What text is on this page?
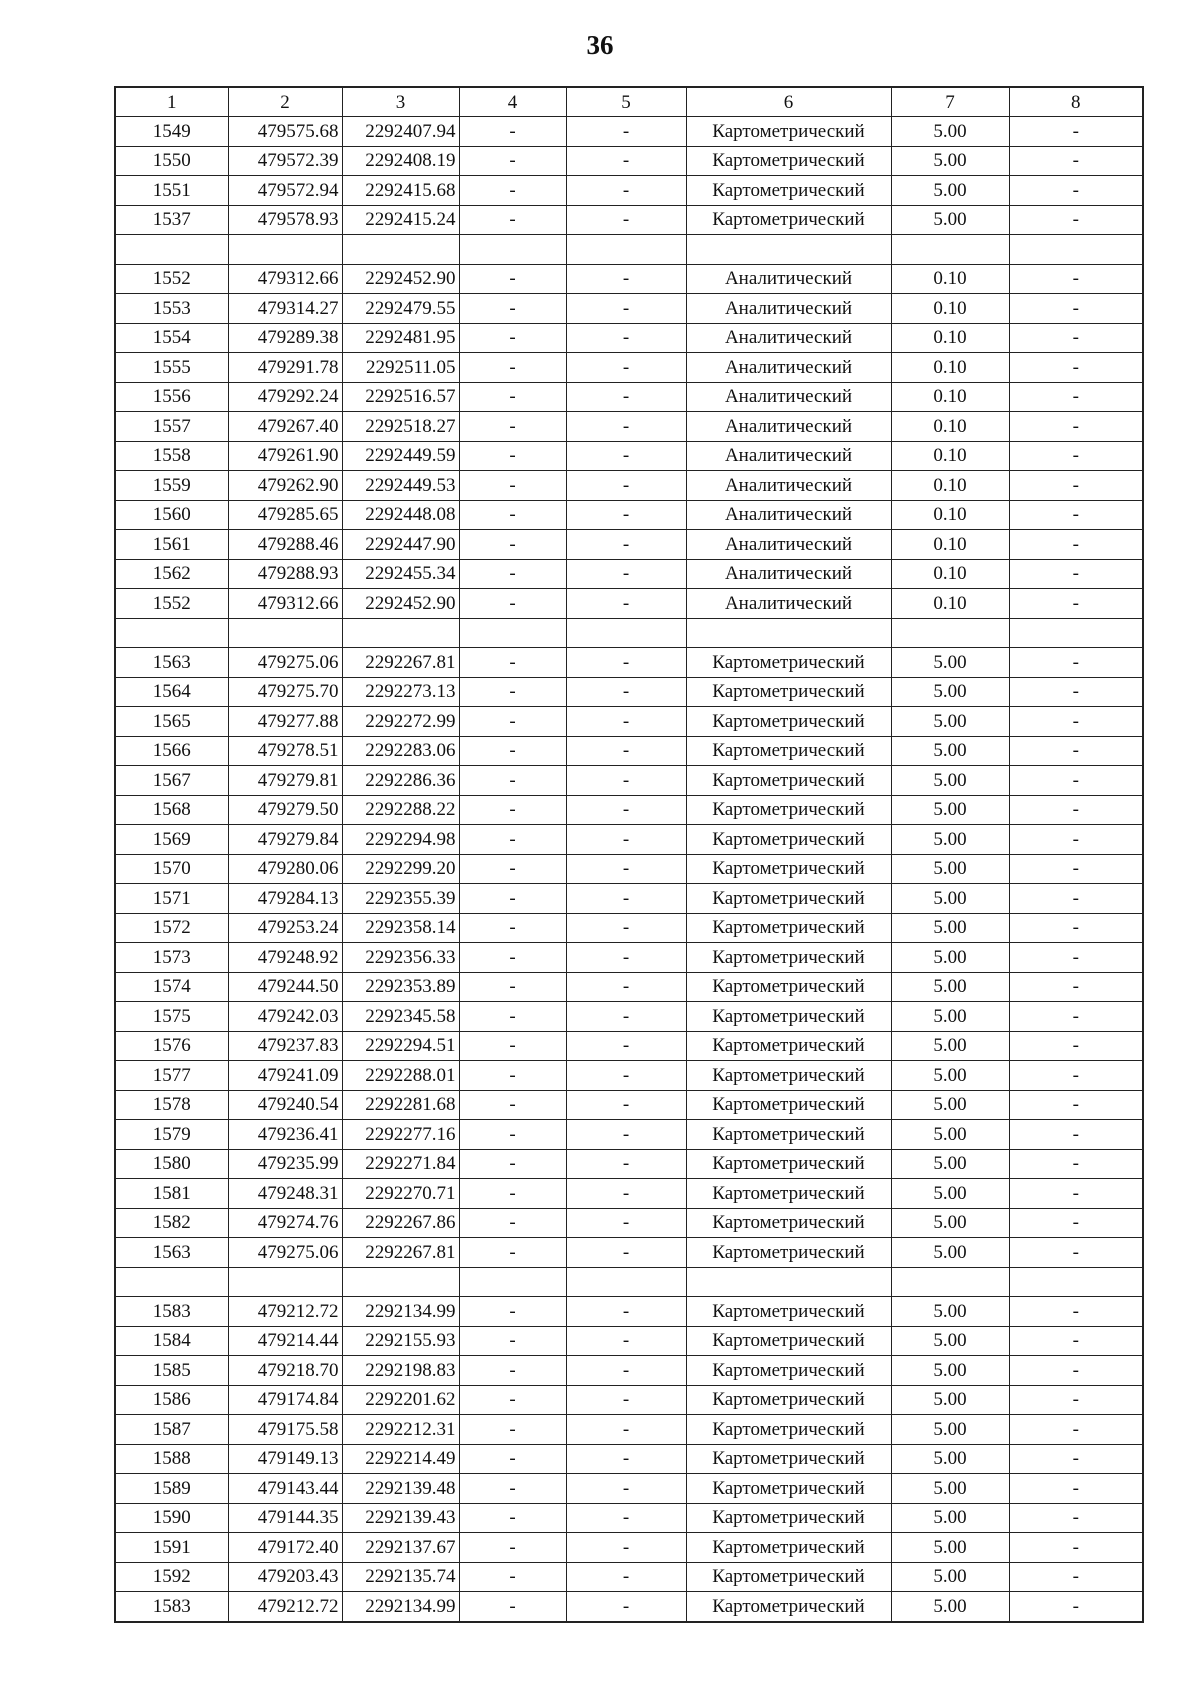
36
1	2	3	4	5	6	7	8
1549	479575.68	2292407.94	-	-	Картометрический	5.00	-
1550	479572.39	2292408.19	-	-	Картометрический	5.00	-
1551	479572.94	2292415.68	-	-	Картометрический	5.00	-
1537	479578.93	2292415.24	-	-	Картометрический	5.00	-

1552	479312.66	2292452.90	-	-	Аналитический	0.10	-
1553	479314.27	2292479.55	-	-	Аналитический	0.10	-
1554	479289.38	2292481.95	-	-	Аналитический	0.10	-
1555	479291.78	2292511.05	-	-	Аналитический	0.10	-
1556	479292.24	2292516.57	-	-	Аналитический	0.10	-
1557	479267.40	2292518.27	-	-	Аналитический	0.10	-
1558	479261.90	2292449.59	-	-	Аналитический	0.10	-
1559	479262.90	2292449.53	-	-	Аналитический	0.10	-
1560	479285.65	2292448.08	-	-	Аналитический	0.10	-
1561	479288.46	2292447.90	-	-	Аналитический	0.10	-
1562	479288.93	2292455.34	-	-	Аналитический	0.10	-
1552	479312.66	2292452.90	-	-	Аналитический	0.10	-

1563	479275.06	2292267.81	-	-	Картометрический	5.00	-
1564	479275.70	2292273.13	-	-	Картометрический	5.00	-
1565	479277.88	2292272.99	-	-	Картометрический	5.00	-
1566	479278.51	2292283.06	-	-	Картометрический	5.00	-
1567	479279.81	2292286.36	-	-	Картометрический	5.00	-
1568	479279.50	2292288.22	-	-	Картометрический	5.00	-
1569	479279.84	2292294.98	-	-	Картометрический	5.00	-
1570	479280.06	2292299.20	-	-	Картометрический	5.00	-
1571	479284.13	2292355.39	-	-	Картометрический	5.00	-
1572	479253.24	2292358.14	-	-	Картометрический	5.00	-
1573	479248.92	2292356.33	-	-	Картометрический	5.00	-
1574	479244.50	2292353.89	-	-	Картометрический	5.00	-
1575	479242.03	2292345.58	-	-	Картометрический	5.00	-
1576	479237.83	2292294.51	-	-	Картометрический	5.00	-
1577	479241.09	2292288.01	-	-	Картометрический	5.00	-
1578	479240.54	2292281.68	-	-	Картометрический	5.00	-
1579	479236.41	2292277.16	-	-	Картометрический	5.00	-
1580	479235.99	2292271.84	-	-	Картометрический	5.00	-
1581	479248.31	2292270.71	-	-	Картометрический	5.00	-
1582	479274.76	2292267.86	-	-	Картометрический	5.00	-
1563	479275.06	2292267.81	-	-	Картометрический	5.00	-

1583	479212.72	2292134.99	-	-	Картометрический	5.00	-
1584	479214.44	2292155.93	-	-	Картометрический	5.00	-
1585	479218.70	2292198.83	-	-	Картометрический	5.00	-
1586	479174.84	2292201.62	-	-	Картометрический	5.00	-
1587	479175.58	2292212.31	-	-	Картометрический	5.00	-
1588	479149.13	2292214.49	-	-	Картометрический	5.00	-
1589	479143.44	2292139.48	-	-	Картометрический	5.00	-
1590	479144.35	2292139.43	-	-	Картометрический	5.00	-
1591	479172.40	2292137.67	-	-	Картометрический	5.00	-
1592	479203.43	2292135.74	-	-	Картометрический	5.00	-
1583	479212.72	2292134.99	-	-	Картометрический	5.00	-
